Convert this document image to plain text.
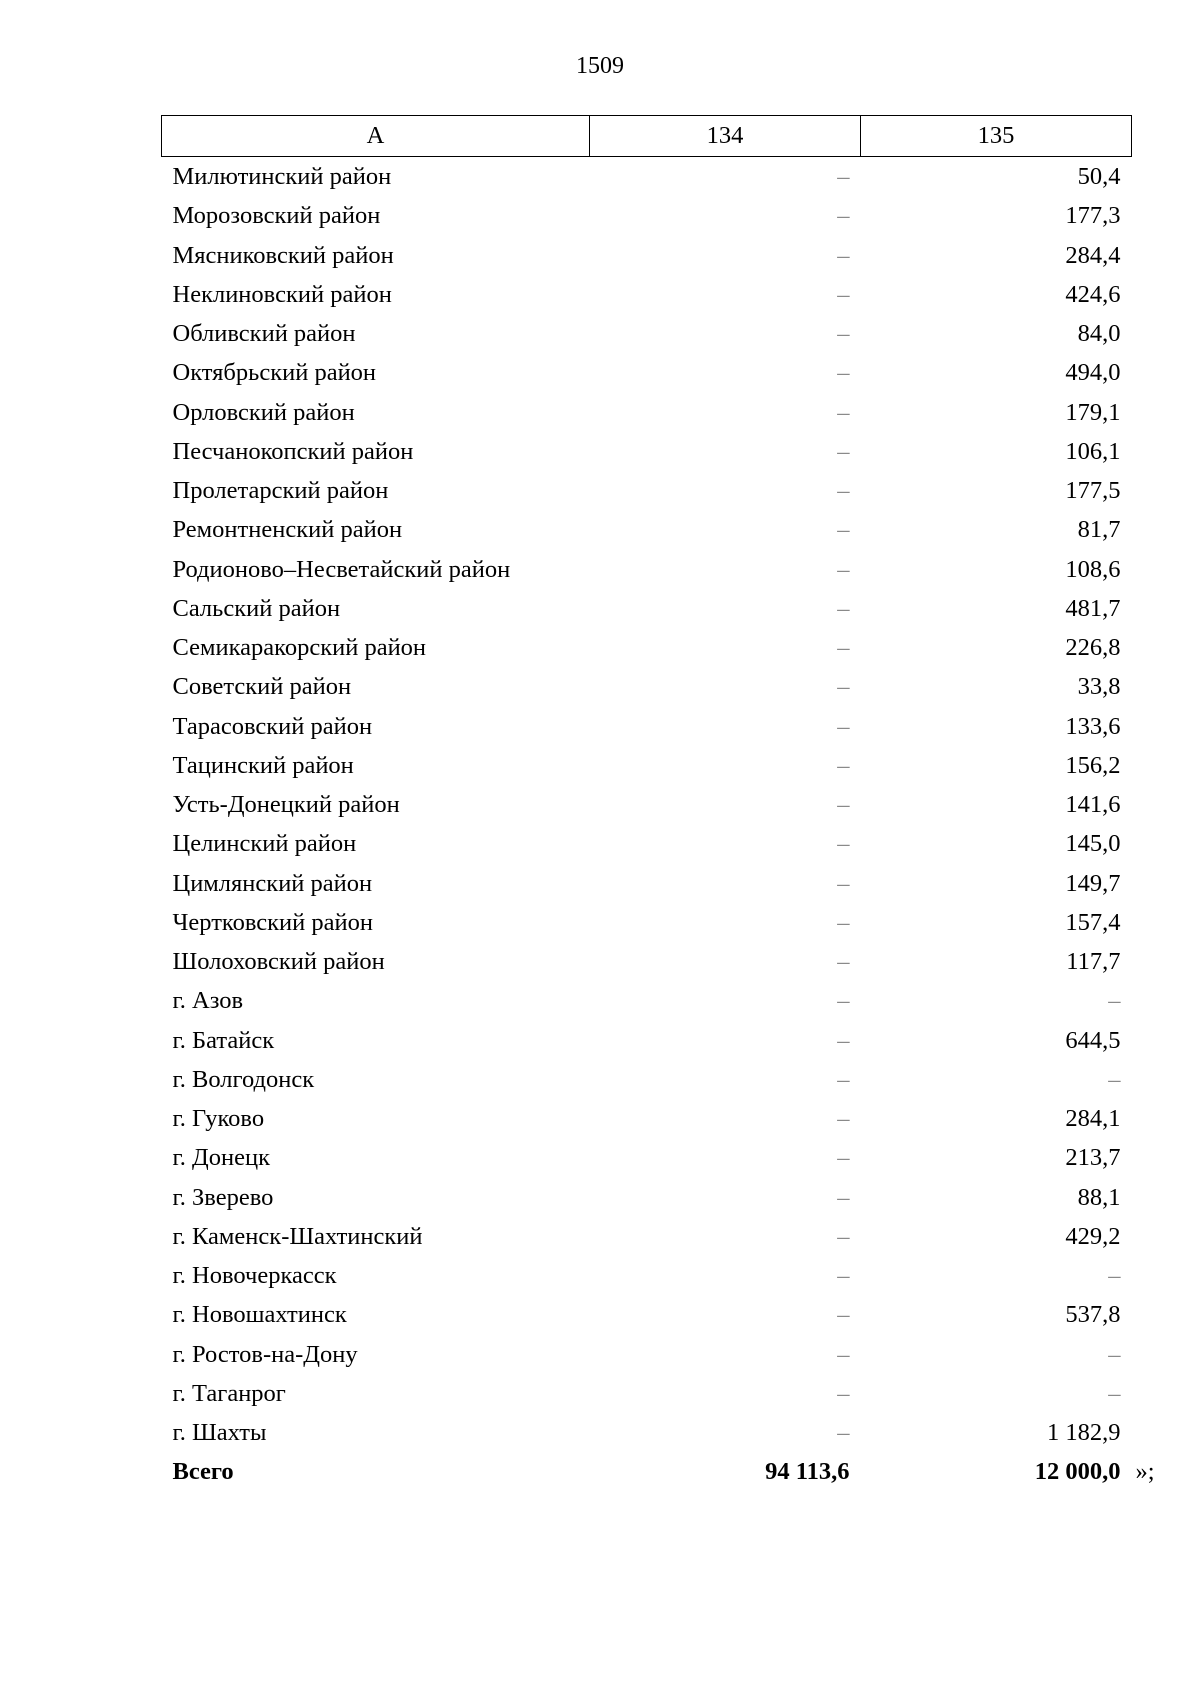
1509
А	134	135
Милютинский район	–	50,4
Морозовский район	–	177,3
Мясниковский район	–	284,4
Неклиновский район	–	424,6
Обливский район	–	84,0
Октябрьский район	–	494,0
Орловский район	–	179,1
Песчанокопский район	–	106,1
Пролетарский район	–	177,5
Ремонтненский район	–	81,7
Родионово–Несветайский район	–	108,6
Сальский район	–	481,7
Семикаракорский район	–	226,8
Советский район	–	33,8
Тарасовский район	–	133,6
Тацинский район	–	156,2
Усть-Донецкий район	–	141,6
Целинский район	–	145,0
Цимлянский район	–	149,7
Чертковский район	–	157,4
Шолоховский район	–	117,7
г. Азов	–	–
г. Батайск	–	644,5
г. Волгодонск	–	–
г. Гуково	–	284,1
г. Донецк	–	213,7
г. Зверево	–	88,1
г. Каменск-Шахтинский	–	429,2
г. Новочеркасск	–	–
г. Новошахтинск	–	537,8
г. Ростов-на-Дону	–	–
г. Таганрог	–	–
г. Шахты	–	1 182,9
Всего	94 113,6	12 000,0 »;
